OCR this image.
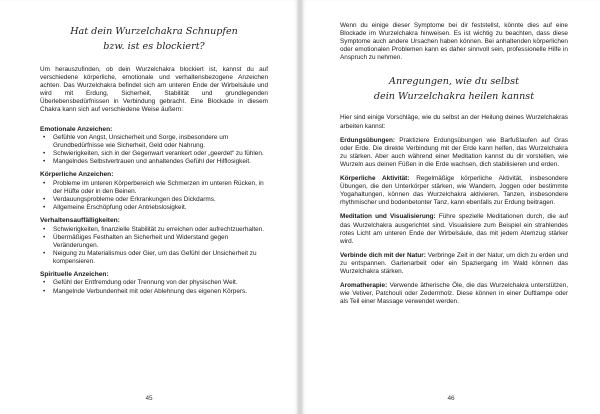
Hat dein Wurzelchakra Schnupfen
bzw. ist es blockiert?

Um herauszufinden, ob dein Wurzelchakra blockiert ist, kannst du auf verschiedene körperliche, emotionale und verhaltensbezogene Anzeichen achten. Das Wurzelchakra befindet sich am unteren Ende der Wirbelsäule und wird mit Erdung, Sicherheit, Stabilität und grundlegenden Überlebensbedürfnissen in Verbindung gebracht. Eine Blockade in diesem Chakra kann sich auf verschiedene Weise äußern:

Emotionale Anzeichen:
• Gefühle von Angst, Unsicherheit und Sorge, insbesondere um Grundbedürfnisse wie Sicherheit, Geld oder Nahrung.
• Schwierigkeiten, sich in der Gegenwart verankert oder „geerdet“ zu fühlen.
• Mangelndes Selbstvertrauen und anhaltendes Gefühl der Hilflosigkeit.
Körperliche Anzeichen:
• Probleme im unteren Körperbereich wie Schmerzen im unteren Rücken, in der Hüfte oder in den Beinen.
• Verdauungsprobleme oder Erkrankungen des Dickdarms.
• Allgemeine Erschöpfung oder Antriebslosigkeit.
Verhaltensauffälligkeiten:
• Schwierigkeiten, finanzielle Stabilität zu erreichen oder aufrechtzuerhalten.
• Übermäßiges Festhalten an Sicherheit und Widerstand gegen Veränderungen.
• Neigung zu Materialismus oder Gier, um das Gefühl der Unsicherheit zu kompensieren.
Spirituelle Anzeichen:
• Gefühl der Entfremdung oder Trennung von der physischen Welt.
• Mangelnde Verbundenheit mit oder Ablehnung des eigenen Körpers.
45

Wenn du einige dieser Symptome bei dir feststellst, könnte dies auf eine Blockade im Wurzelchakra hinweisen. Es ist wichtig zu beachten, dass diese Symptome auch andere Ursachen haben können. Bei anhaltenden körperlichen oder emotionalen Problemen kann es daher sinnvoll sein, professionelle Hilfe in Anspruch zu nehmen.

Anregungen, wie du selbst
dein Wurzelchakra heilen kannst

Hier sind einige Vorschläge, wie du selbst an der Heilung deines Wurzelchakras arbeiten kannst:

Erdungsübungen: Praktiziere Erdungsübungen wie Barfußlaufen auf Gras oder Erde. Die direkte Verbindung mit der Erde kann helfen, das Wurzelchakra zu stärken. Aber auch während einer Meditation kannst du dir vorstellen, wie Wurzeln aus deinen Füßen in die Erde wachsen, dich stabilisieren und erden.

Körperliche Aktivität: Regelmäßige körperliche Aktivität, insbesondere Übungen, die den Unterkörper stärken, wie Wandern, Joggen oder bestimmte Yogahaltungen, können das Wurzelchakra aktivieren. Tanzen, insbesondere rhythmischer und bodenbetonter Tanz, kann ebenfalls zur Erdung beitragen.

Meditation und Visualisierung: Führe spezielle Meditationen durch, die auf das Wurzelchakra ausgerichtet sind. Visualisiere zum Beispiel ein strahlendes rotes Licht am unteren Ende der Wirbelsäule, das mit jedem Atemzug stärker wird.

Verbinde dich mit der Natur: Verbringe Zeit in der Natur, um dich zu erden und zu entspannen. Gartenarbeit oder ein Spaziergang im Wald können das Wurzelchakra stärken.

Aromatherapie: Verwende ätherische Öle, die das Wurzelchakra unterstützen, wie Vetiver, Patchouli oder Zedernholz. Diese können in einer Duftlampe oder als Teil einer Massage verwendet werden.

46
